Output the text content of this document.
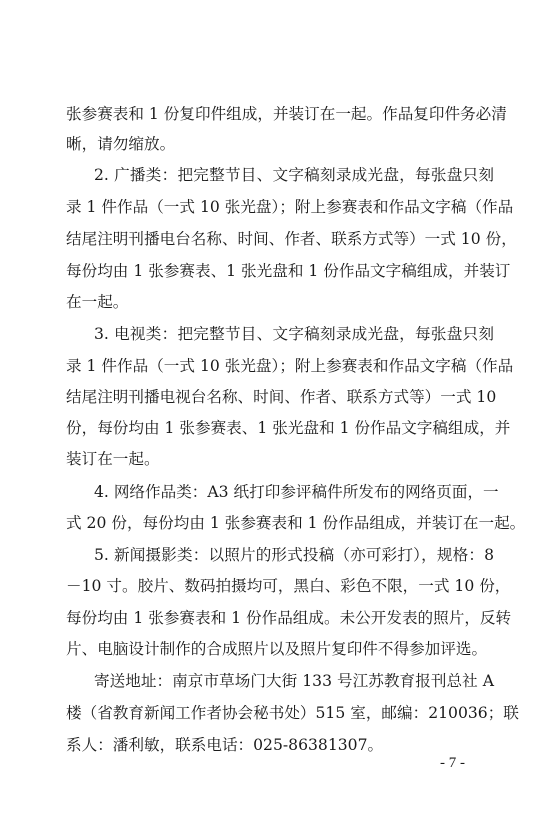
张参赛表和 1 份复印件组成，并装订在一起。作品复印件务必清
晰，请勿缩放。
2. 广播类：把完整节目、文字稿刻录成光盘，每张盘只刻
录 1 件作品（一式 10 张光盘）；附上参赛表和作品文字稿（作品
结尾注明刊播电台名称、时间、作者、联系方式等）一式 10 份，
每份均由 1 张参赛表、1 张光盘和 1 份作品文字稿组成，并装订
在一起。
3. 电视类：把完整节目、文字稿刻录成光盘，每张盘只刻
录 1 件作品（一式 10 张光盘）；附上参赛表和作品文字稿（作品
结尾注明刊播电视台名称、时间、作者、联系方式等）一式 10
份，每份均由 1 张参赛表、1 张光盘和 1 份作品文字稿组成，并
装订在一起。
4. 网络作品类：A3 纸打印参评稿件所发布的网络页面，一
式 20 份，每份均由 1 张参赛表和 1 份作品组成，并装订在一起。
5. 新闻摄影类：以照片的形式投稿（亦可彩打），规格：8
－10 寸。胶片、数码拍摄均可，黑白、彩色不限，一式 10 份，
每份均由 1 张参赛表和 1 份作品组成。未公开发表的照片，反转
片、电脑设计制作的合成照片以及照片复印件不得参加评选。
寄送地址：南京市草场门大街 133 号江苏教育报刊总社 A
楼（省教育新闻工作者协会秘书处）515 室，邮编：210036；联
系人：潘利敏，联系电话：025-86381307。
- 7 -
